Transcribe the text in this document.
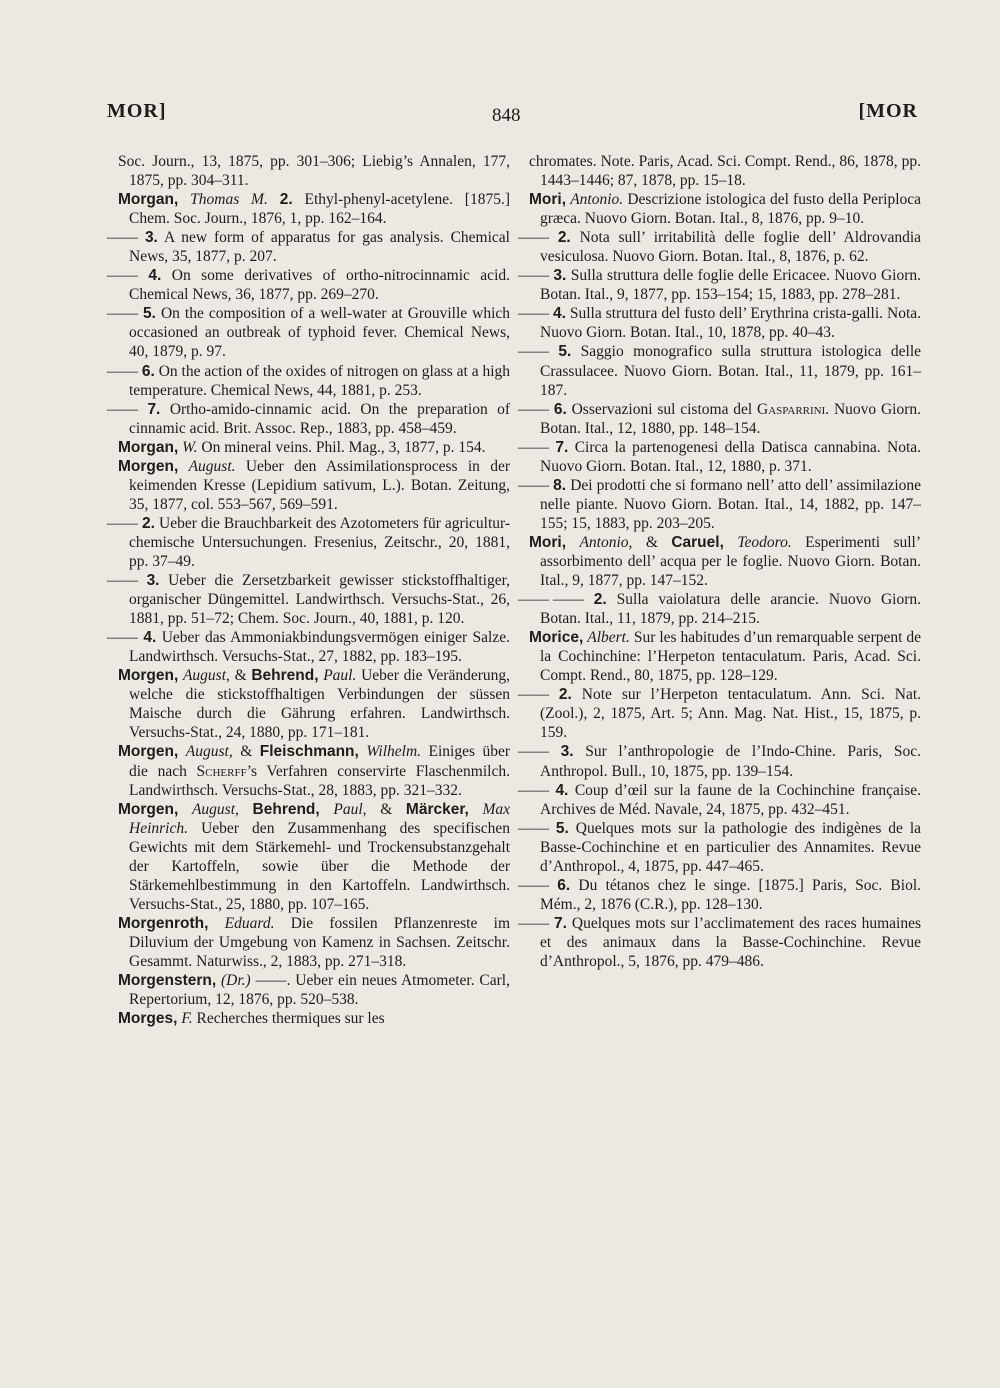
MOR]	848	[MOR

Soc. Journ., 13, 1875, pp. 301–306; Liebig’s Annalen, 177, 1875, pp. 304–311.

Morgan, Thomas M. 2. Ethyl-phenyl-acetylene. [1875.] Chem. Soc. Journ., 1876, 1, pp. 162–164.

—— 3. A new form of apparatus for gas analysis. Chemical News, 35, 1877, p. 207.

—— 4. On some derivatives of ortho-nitrocinnamic acid. Chemical News, 36, 1877, pp. 269–270.

—— 5. On the composition of a well-water at Grouville which occasioned an outbreak of typhoid fever. Chemical News, 40, 1879, p. 97.

—— 6. On the action of the oxides of nitrogen on glass at a high temperature. Chemical News, 44, 1881, p. 253.

—— 7. Ortho-amido-cinnamic acid. On the preparation of cinnamic acid. Brit. Assoc. Rep., 1883, pp. 458–459.

Morgan, W. On mineral veins. Phil. Mag., 3, 1877, p. 154.

Morgen, August. Ueber den Assimilationsprocess in der keimenden Kresse (Lepidium sativum, L.). Botan. Zeitung, 35, 1877, col. 553–567, 569–591.

—— 2. Ueber die Brauchbarkeit des Azotometers für agricultur-chemische Untersuchungen. Fresenius, Zeitschr., 20, 1881, pp. 37–49.

—— 3. Ueber die Zersetzbarkeit gewisser stickstoffhaltiger, organischer Düngemittel. Landwirthsch. Versuchs-Stat., 26, 1881, pp. 51–72; Chem. Soc. Journ., 40, 1881, p. 120.

—— 4. Ueber das Ammoniakbindungsvermögen einiger Salze. Landwirthsch. Versuchs-Stat., 27, 1882, pp. 183–195.

Morgen, August, & Behrend, Paul. Ueber die Veränderung, welche die stickstoffhaltigen Verbindungen der süssen Maische durch die Gährung erfahren. Landwirthsch. Versuchs-Stat., 24, 1880, pp. 171–181.

Morgen, August, & Fleischmann, Wilhelm. Einiges über die nach Scherff’s Verfahren conservirte Flaschenmilch. Landwirthsch. Versuchs-Stat., 28, 1883, pp. 321–332.

Morgen, August, Behrend, Paul, & Märcker, Max Heinrich. Ueber den Zusammenhang des specifischen Gewichts mit dem Stärkemehl- und Trockensubstanzgehalt der Kartoffeln, sowie über die Methode der Stärkemehlbestimmung in den Kartoffeln. Landwirthsch. Versuchs-Stat., 25, 1880, pp. 107–165.

Morgenroth, Eduard. Die fossilen Pflanzenreste im Diluvium der Umgebung von Kamenz in Sachsen. Zeitschr. Gesammt. Naturwiss., 2, 1883, pp. 271–318.

Morgenstern, (Dr.) ——. Ueber ein neues Atmometer. Carl, Repertorium, 12, 1876, pp. 520–538.

Morges, F. Recherches thermiques sur les

chromates. Note. Paris, Acad. Sci. Compt. Rend., 86, 1878, pp. 1443–1446; 87, 1878, pp. 15–18.

Mori, Antonio. Descrizione istologica del fusto della Periploca græca. Nuovo Giorn. Botan. Ital., 8, 1876, pp. 9–10.

—— 2. Nota sull’ irritabilità delle foglie dell’ Aldrovandia vesiculosa. Nuovo Giorn. Botan. Ital., 8, 1876, p. 62.

—— 3. Sulla struttura delle foglie delle Ericacee. Nuovo Giorn. Botan. Ital., 9, 1877, pp. 153–154; 15, 1883, pp. 278–281.

—— 4. Sulla struttura del fusto dell’ Erythrina crista-galli. Nota. Nuovo Giorn. Botan. Ital., 10, 1878, pp. 40–43.

—— 5. Saggio monografico sulla struttura istologica delle Crassulacee. Nuovo Giorn. Botan. Ital., 11, 1879, pp. 161–187.

—— 6. Osservazioni sul cistoma del Gasparrini. Nuovo Giorn. Botan. Ital., 12, 1880, pp. 148–154.

—— 7. Circa la partenogenesi della Datisca cannabina. Nota. Nuovo Giorn. Botan. Ital., 12, 1880, p. 371.

—— 8. Dei prodotti che si formano nell’ atto dell’ assimilazione nelle piante. Nuovo Giorn. Botan. Ital., 14, 1882, pp. 147–155; 15, 1883, pp. 203–205.

Mori, Antonio, & Caruel, Teodoro. Esperimenti sull’ assorbimento dell’ acqua per le foglie. Nuovo Giorn. Botan. Ital., 9, 1877, pp. 147–152.

—— —— 2. Sulla vaiolatura delle arancie. Nuovo Giorn. Botan. Ital., 11, 1879, pp. 214–215.

Morice, Albert. Sur les habitudes d’un remarquable serpent de la Cochinchine: l’Herpeton tentaculatum. Paris, Acad. Sci. Compt. Rend., 80, 1875, pp. 128–129.

—— 2. Note sur l’Herpeton tentaculatum. Ann. Sci. Nat. (Zool.), 2, 1875, Art. 5; Ann. Mag. Nat. Hist., 15, 1875, p. 159.

—— 3. Sur l’anthropologie de l’Indo-Chine. Paris, Soc. Anthropol. Bull., 10, 1875, pp. 139–154.

—— 4. Coup d’œil sur la faune de la Cochinchine française. Archives de Méd. Navale, 24, 1875, pp. 432–451.

—— 5. Quelques mots sur la pathologie des indigènes de la Basse-Cochinchine et en particulier des Annamites. Revue d’Anthropol., 4, 1875, pp. 447–465.

—— 6. Du tétanos chez le singe. [1875.] Paris, Soc. Biol. Mém., 2, 1876 (C.R.), pp. 128–130.

—— 7. Quelques mots sur l’acclimatement des races humaines et des animaux dans la Basse-Cochinchine. Revue d’Anthropol., 5, 1876, pp. 479–486.
